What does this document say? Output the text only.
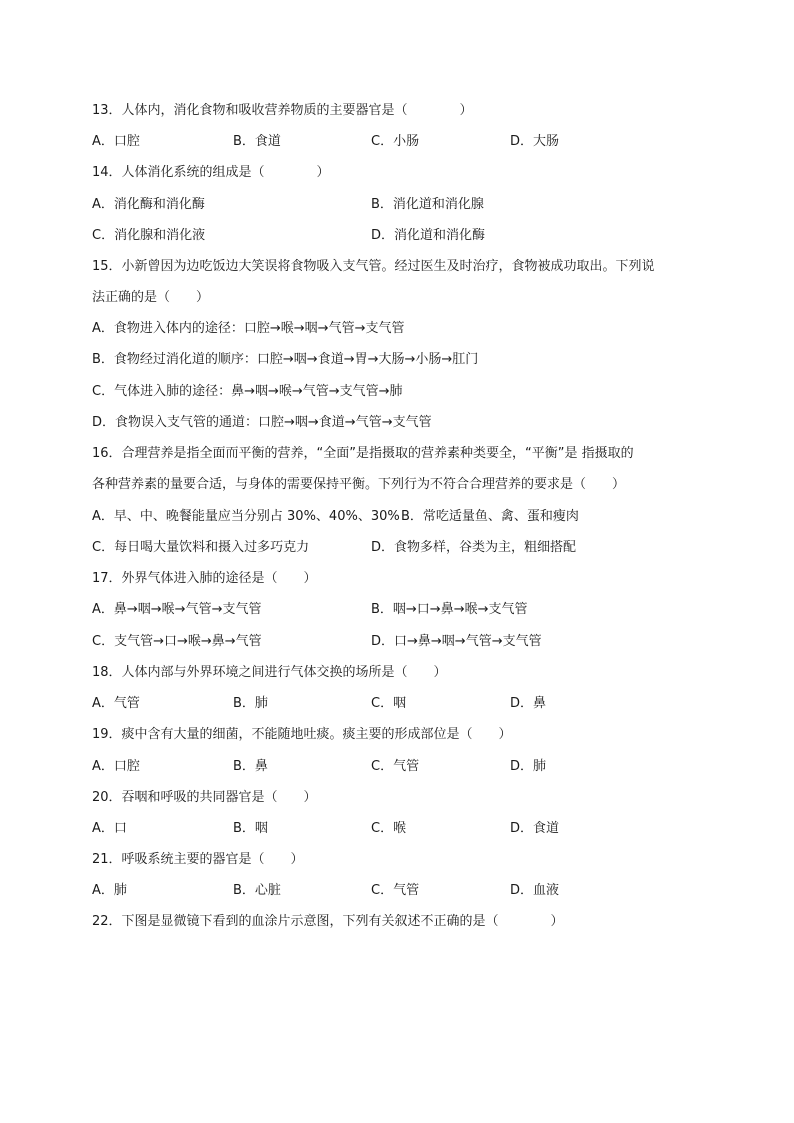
13．人体内，消化食物和吸收营养物质的主要器官是（　　　　）
A．口腔	B．食道	C．小肠	D．大肠
14．人体消化系统的组成是（　　　　）
A．消化酶和消化酶	B．消化道和消化腺
C．消化腺和消化液	D．消化道和消化酶
15．小新曾因为边吃饭边大笑误将食物吸入支气管。经过医生及时治疗，食物被成功取出。下列说
法正确的是（　　）
A．食物进入体内的途径：口腔→喉→咽→气管→支气管
B．食物经过消化道的顺序：口腔→咽→食道→胃→大肠→小肠→肛门
C．气体进入肺的途径：鼻→咽→喉→气管→支气管→肺
D．食物误入支气管的通道：口腔→咽→食道→气管→支气管
16．合理营养是指全面而平衡的营养，“全面”是指摄取的营养素种类要全，“平衡”是 指摄取的
各种营养素的量要合适，与身体的需要保持平衡。下列行为不符合合理营养的要求是（　　）
A．早、中、晚餐能量应当分别占 30%、40%、30% B．常吃适量鱼、禽、蛋和瘦肉
C．每日喝大量饮料和摄入过多巧克力	D．食物多样，谷类为主，粗细搭配
17．外界气体进入肺的途径是（　　）
A．鼻→咽→喉→气管→支气管	B．咽→口→鼻→喉→支气管
C．支气管→口→喉→鼻→气管	D．口→鼻→咽→气管→支气管
18．人体内部与外界环境之间进行气体交换的场所是（　　）
A．气管	B．肺	C．咽	D．鼻
19．痰中含有大量的细菌，不能随地吐痰。痰主要的形成部位是（　　）
A．口腔	B．鼻	C．气管	D．肺
20．吞咽和呼吸的共同器官是（　　）
A．口	B．咽	C．喉	D．食道
21．呼吸系统主要的器官是（　　）
A．肺	B．心脏	C．气管	D．血液
22．下图是显微镜下看到的血涂片示意图，下列有关叙述不正确的是（　　　　）
